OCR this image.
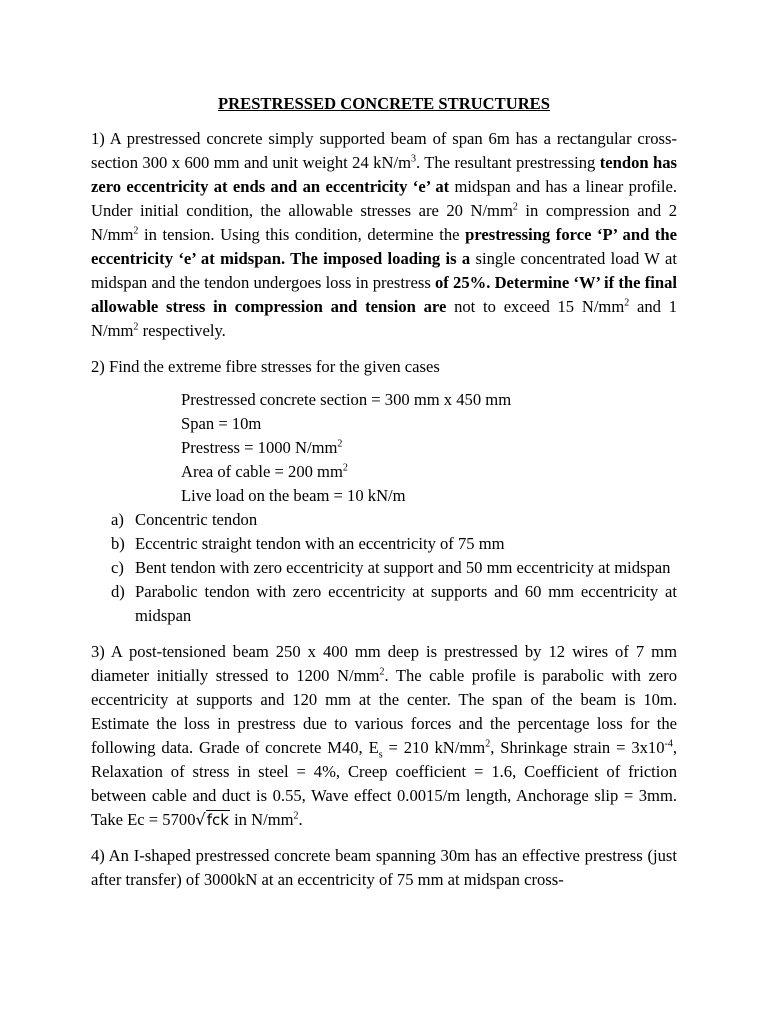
PRESTRESSED CONCRETE STRUCTURES

1) A prestressed concrete simply supported beam of span 6m has a rectangular cross-section 300 x 600 mm and unit weight 24 $kN/m^3$. The resultant prestressing tendon has zero eccentricity at ends and an eccentricity ‘e’ at midspan and has a linear profile. Under initial condition, the allowable stresses are 20 $N/mm^2$ in compression and 2 $N/mm^2$ in tension. Using this condition, determine the prestressing force ‘P’ and the eccentricity ‘e’ at midspan. The imposed loading is a single concentrated load W at midspan and the tendon undergoes loss in prestress of 25%. Determine ‘W’ if the final allowable stress in compression and tension are not to exceed 15 $N/mm^2$ and 1 $N/mm^2$ respectively.

2) Find the extreme fibre stresses for the given cases

Prestressed concrete section = 300 mm x 450 mm
Span = 10m
Prestress = 1000 $N/mm^2$
Area of cable = 200 $mm^2$
Live load on the beam = 10 kN/m
a) Concentric tendon
b) Eccentric straight tendon with an eccentricity of 75 mm
c) Bent tendon with zero eccentricity at support and 50 mm eccentricity at midspan
d) Parabolic tendon with zero eccentricity at supports and 60 mm eccentricity at midspan

3) A post-tensioned beam 250 x 400 mm deep is prestressed by 12 wires of 7 mm diameter initially stressed to 1200 $N/mm^2$. The cable profile is parabolic with zero eccentricity at supports and 120 mm at the center. The span of the beam is 10m. Estimate the loss in prestress due to various forces and the percentage loss for the following data. Grade of concrete M40, $E_s = 210$ $kN/mm^2$, Shrinkage strain = $3x10^{-4}$, Relaxation of stress in steel = 4%, Creep coefficient = 1.6, Coefficient of friction between cable and duct is 0.55, Wave effect 0.0015/m length, Anchorage slip = 3mm. Take Ec = 5700√fck in $N/mm^2$.

4) An I-shaped prestressed concrete beam spanning 30m has an effective prestress (just after transfer) of 3000kN at an eccentricity of 75 mm at midspan cross-
